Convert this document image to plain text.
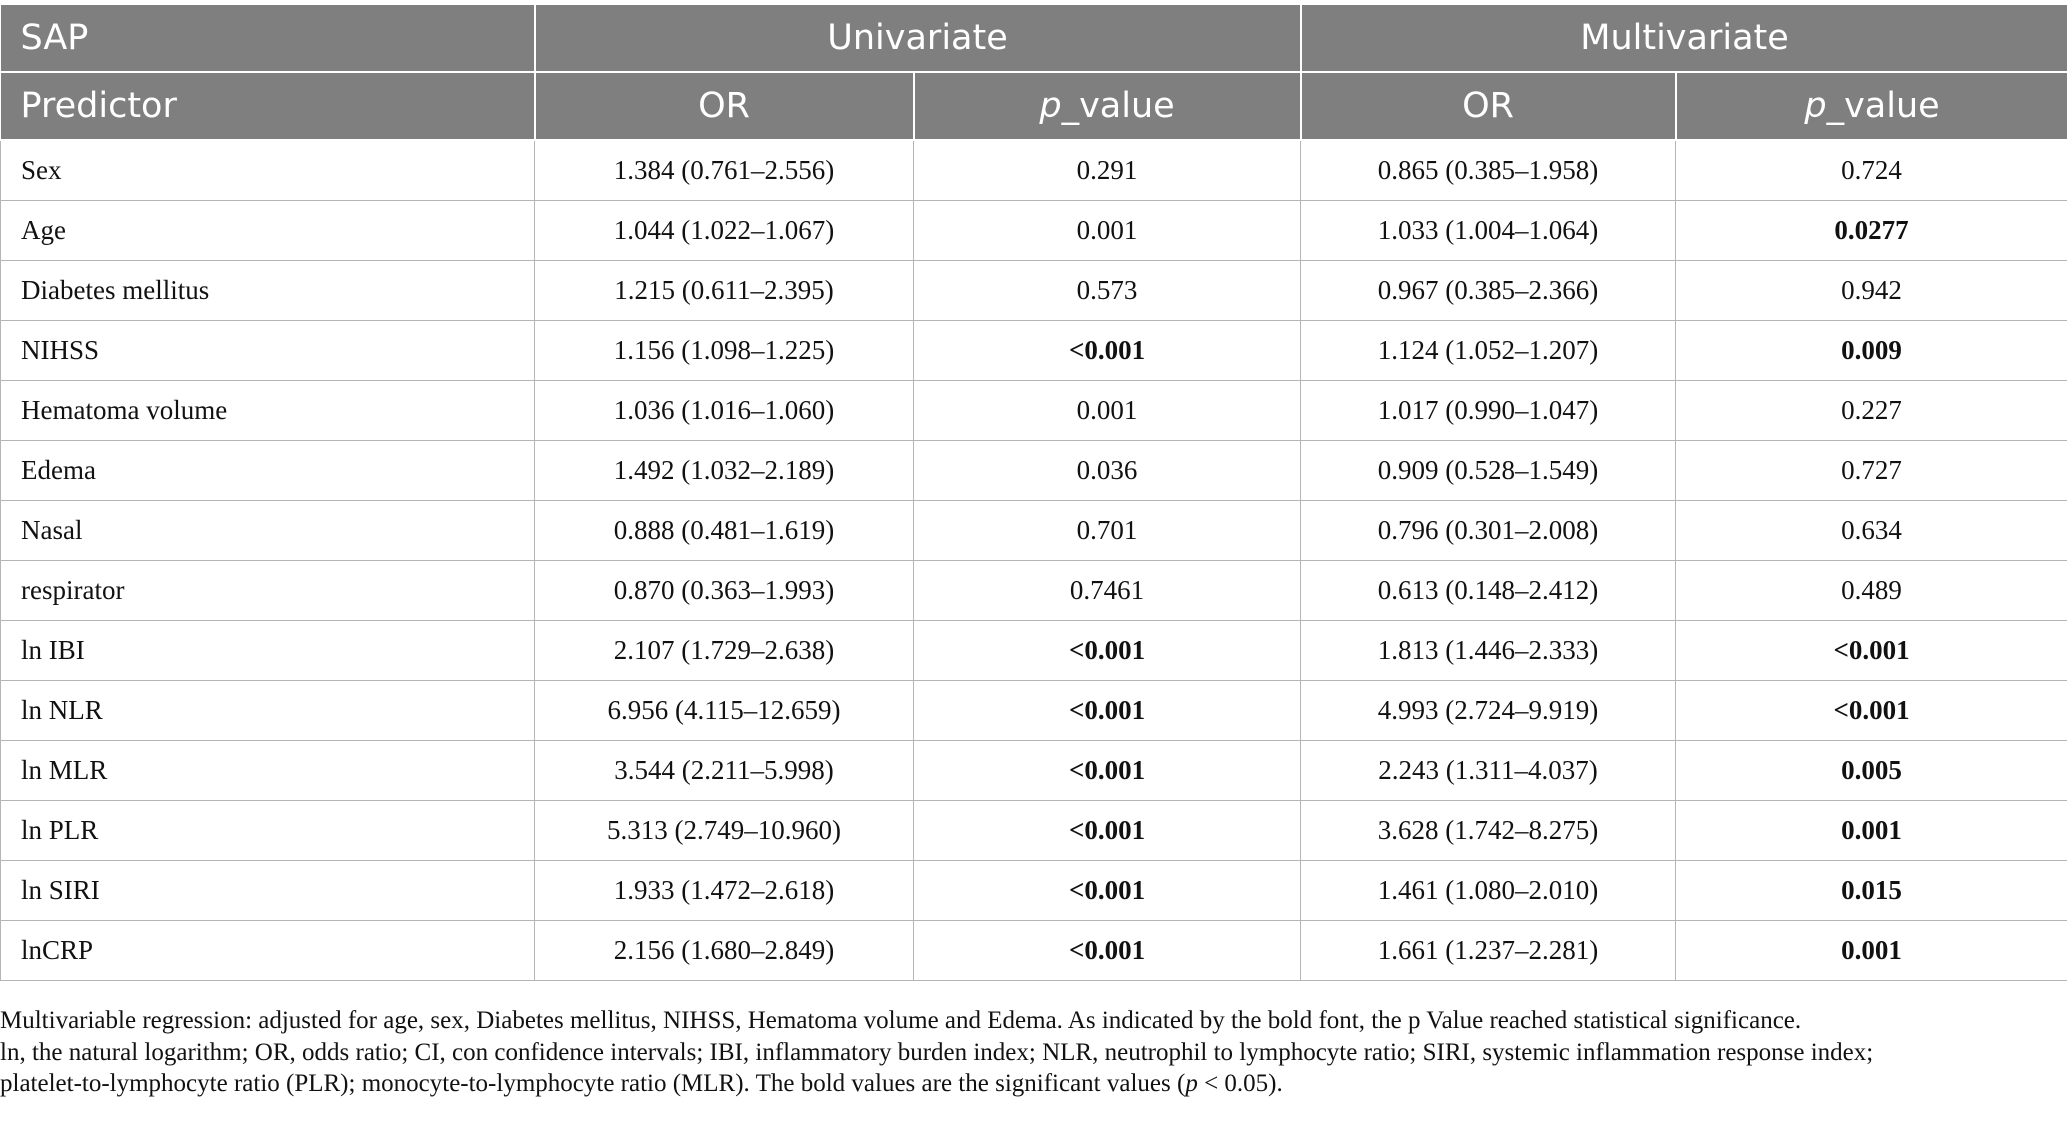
SAP	Univariate		Multivariate	
Predictor	OR	p_value	OR	p_value
Sex	1.384 (0.761–2.556)	0.291	0.865 (0.385–1.958)	0.724
Age	1.044 (1.022–1.067)	0.001	1.033 (1.004–1.064)	0.0277
Diabetes mellitus	1.215 (0.611–2.395)	0.573	0.967 (0.385–2.366)	0.942
NIHSS	1.156 (1.098–1.225)	<0.001	1.124 (1.052–1.207)	0.009
Hematoma volume	1.036 (1.016–1.060)	0.001	1.017 (0.990–1.047)	0.227
Edema	1.492 (1.032–2.189)	0.036	0.909 (0.528–1.549)	0.727
Nasal	0.888 (0.481–1.619)	0.701	0.796 (0.301–2.008)	0.634
respirator	0.870 (0.363–1.993)	0.7461	0.613 (0.148–2.412)	0.489
ln IBI	2.107 (1.729–2.638)	<0.001	1.813 (1.446–2.333)	<0.001
ln NLR	6.956 (4.115–12.659)	<0.001	4.993 (2.724–9.919)	<0.001
ln MLR	3.544 (2.211–5.998)	<0.001	2.243 (1.311–4.037)	0.005
ln PLR	5.313 (2.749–10.960)	<0.001	3.628 (1.742–8.275)	0.001
ln SIRI	1.933 (1.472–2.618)	<0.001	1.461 (1.080–2.010)	0.015
lnCRP	2.156 (1.680–2.849)	<0.001	1.661 (1.237–2.281)	0.001

Multivariable regression: adjusted for age, sex, Diabetes mellitus, NIHSS, Hematoma volume and Edema. As indicated by the bold font, the p Value reached statistical significance.

ln, the natural logarithm; OR, odds ratio; CI, con confidence intervals; IBI, inflammatory burden index; NLR, neutrophil to lymphocyte ratio; SIRI, systemic inflammation response index;

platelet-to-lymphocyte ratio (PLR); monocyte-to-lymphocyte ratio (MLR). The bold values are the significant values (p < 0.05).
